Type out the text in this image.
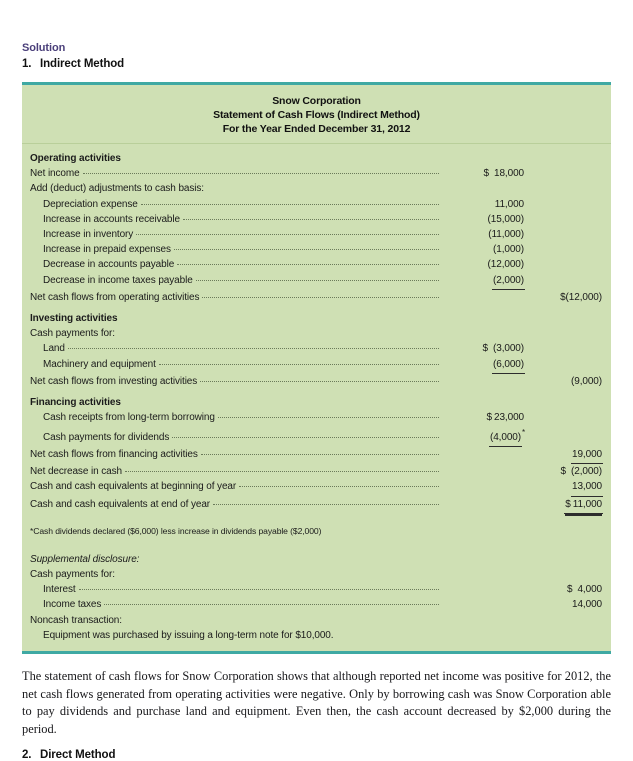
Solution
1. Indirect Method
Snow Corporation
Statement of Cash Flows (Indirect Method)
For the Year Ended December 31, 2012
Operating activities
Net income	$ 18,000
Add (deduct) adjustments to cash basis:
Depreciation expense	11,000
Increase in accounts receivable	(15,000)
Increase in inventory	(11,000)
Increase in prepaid expenses	(1,000)
Decrease in accounts payable	(12,000)
Decrease in income taxes payable	(2,000)
Net cash flows from operating activities	$(12,000)
Investing activities
Cash payments for:
Land	$ (3,000)
Machinery and equipment	(6,000)
Net cash flows from investing activities	(9,000)
Financing activities
Cash receipts from long-term borrowing	$ 23,000
Cash payments for dividends	(4,000)*
Net cash flows from financing activities	19,000
Net decrease in cash	$ (2,000)
Cash and cash equivalents at beginning of year	13,000
Cash and cash equivalents at end of year	$ 11,000
*Cash dividends declared ($6,000) less increase in dividends payable ($2,000)
Supplemental disclosure:
Cash payments for:
Interest	$ 4,000
Income taxes	14,000
Noncash transaction:
Equipment was purchased by issuing a long-term note for $10,000.
The statement of cash flows for Snow Corporation shows that although reported net income was positive for 2012, the net cash flows generated from operating activities were negative. Only by borrowing cash was Snow Corporation able to pay dividends and purchase land and equipment. Even then, the cash account decreased by $2,000 during the period.
2. Direct Method
